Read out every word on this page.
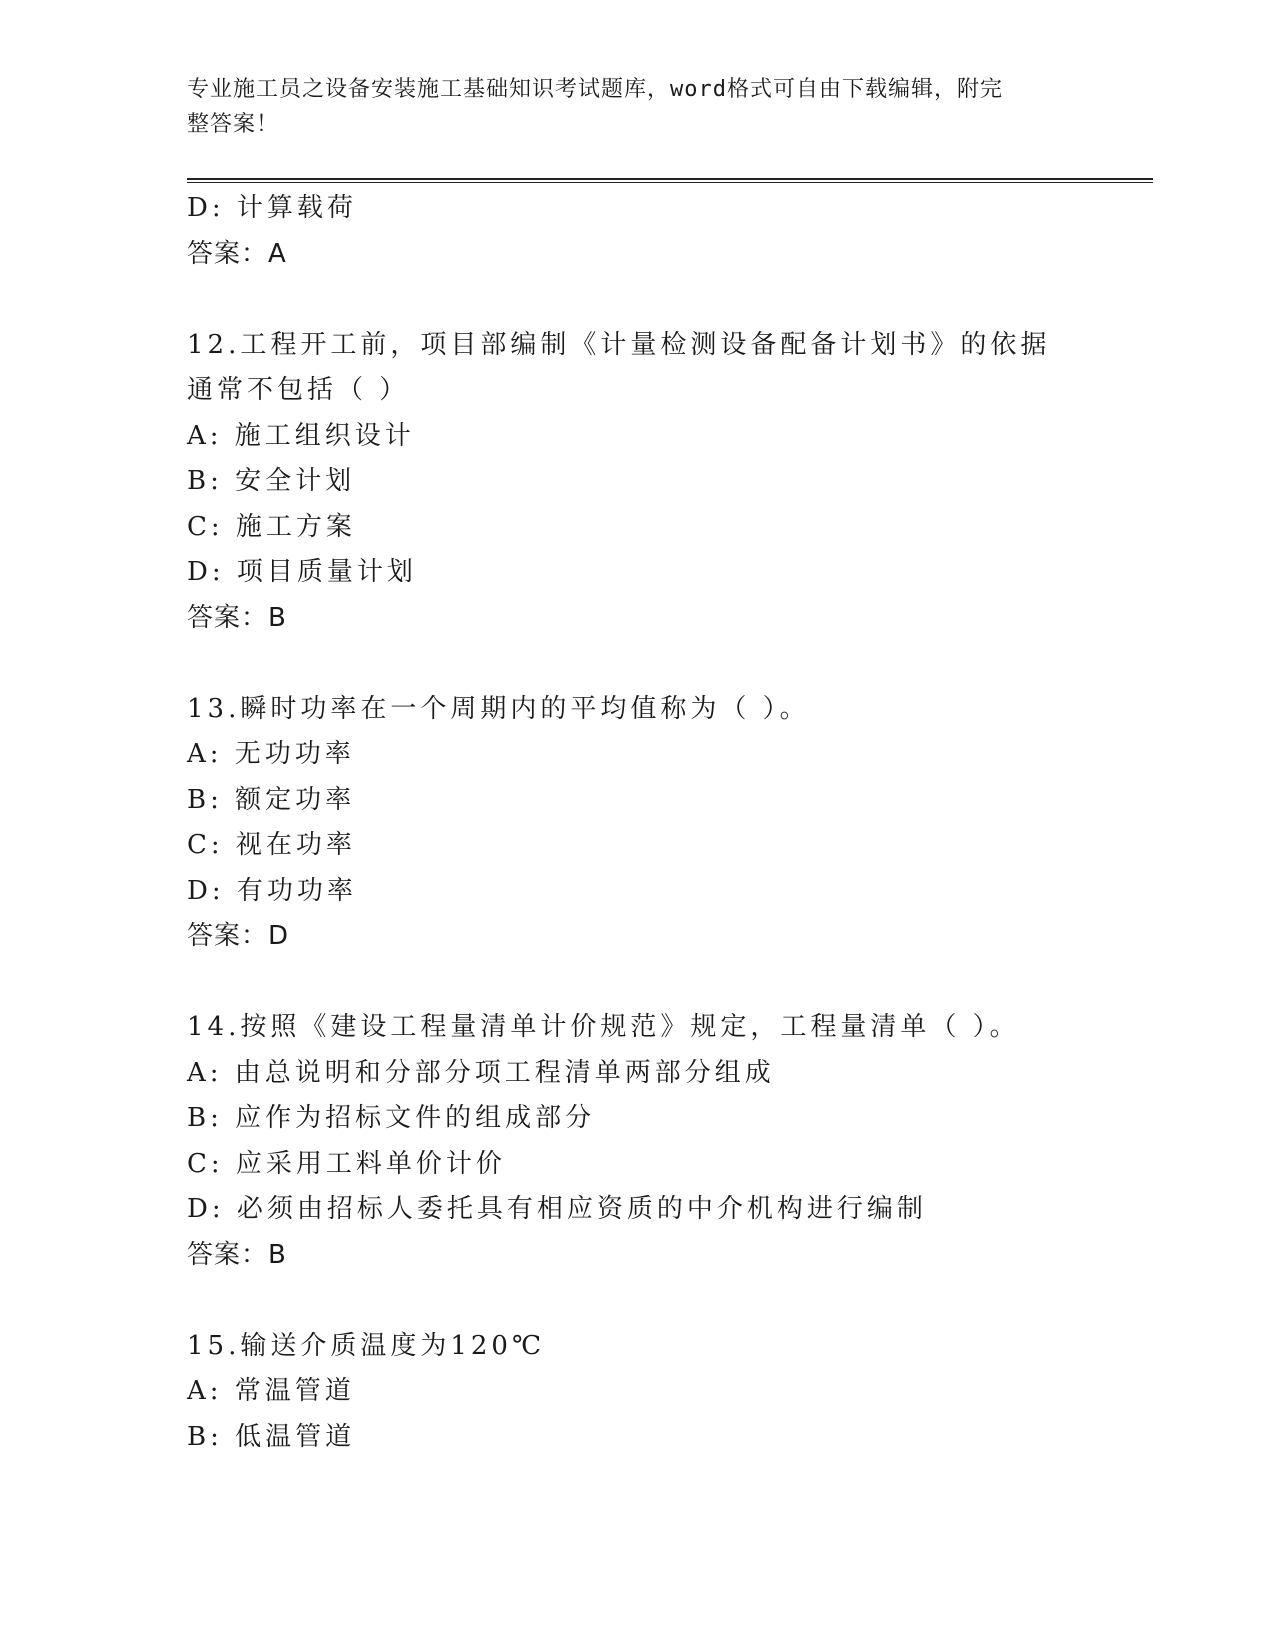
专业施工员之设备安装施工基础知识考试题库，word格式可自由下载编辑，附完
整答案！
D: 计算载荷
答案：A
12.工程开工前，项目部编制《计量检测设备配备计划书》的依据通常不包括（ ）
A: 施工组织设计
B: 安全计划
C: 施工方案
D: 项目质量计划
答案：B
13.瞬时功率在一个周期内的平均值称为（ ）。
A: 无功功率
B: 额定功率
C: 视在功率
D: 有功功率
答案：D
14.按照《建设工程量清单计价规范》规定，工程量清单（ ）。
A: 由总说明和分部分项工程清单两部分组成
B: 应作为招标文件的组成部分
C: 应采用工料单价计价
D: 必须由招标人委托具有相应资质的中介机构进行编制
答案：B
15.输送介质温度为120℃
A: 常温管道
B: 低温管道
